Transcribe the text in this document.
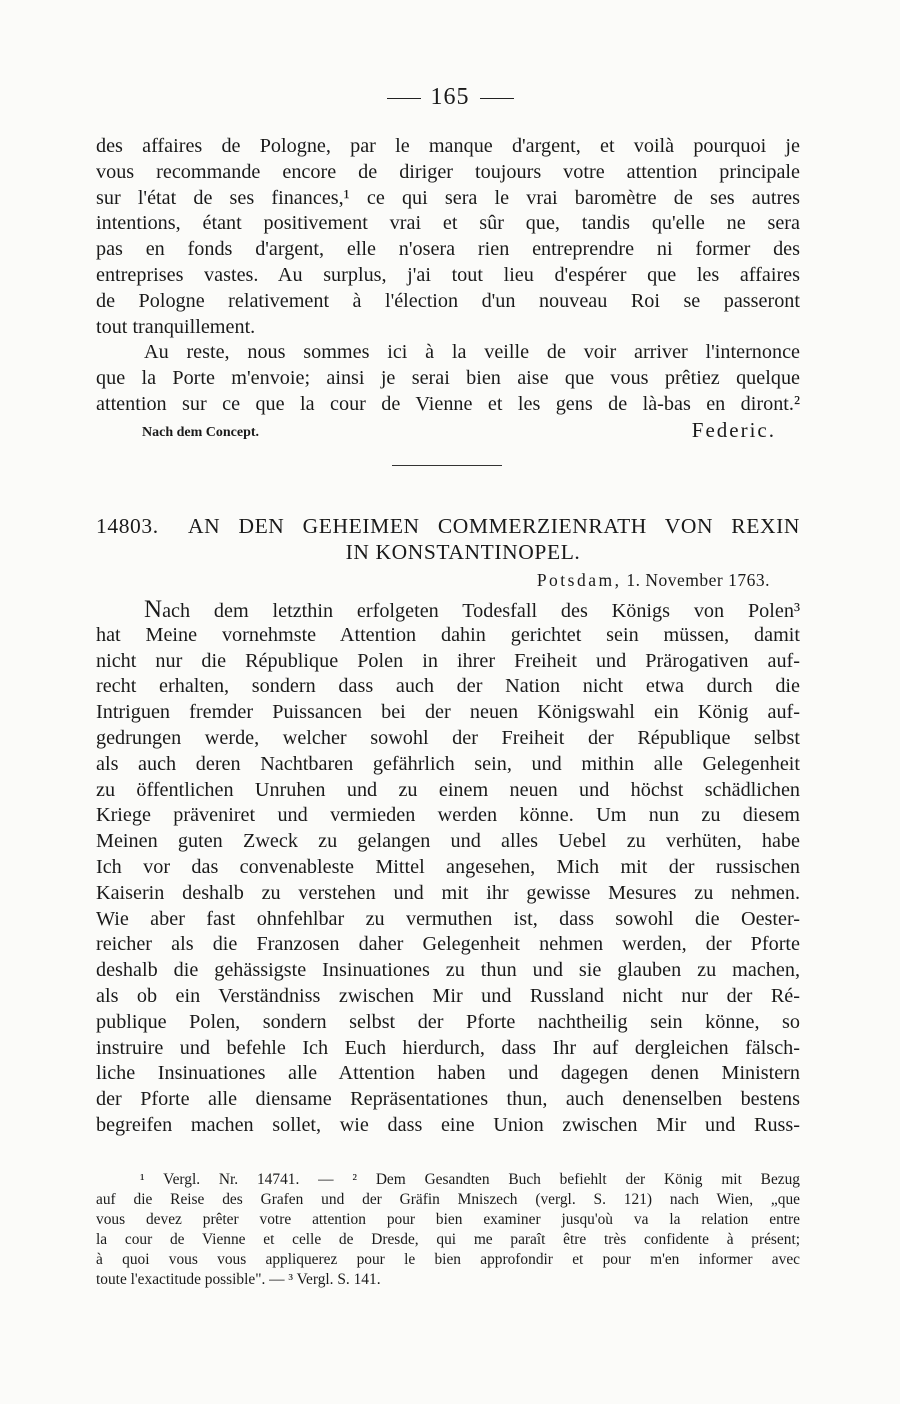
165
des affaires de Pologne, par le manque d'argent, et voilà pourquoi je
vous recommande encore de diriger toujours votre attention principale
sur l'état de ses finances,¹ ce qui sera le vrai baromètre de ses autres
intentions, étant positivement vrai et sûr que, tandis qu'elle ne sera
pas en fonds d'argent, elle n'osera rien entreprendre ni former des
entreprises vastes. Au surplus, j'ai tout lieu d'espérer que les affaires
de Pologne relativement à l'élection d'un nouveau Roi se passeront
tout tranquillement.
Au reste, nous sommes ici à la veille de voir arriver l'internonce
que la Porte m'envoie; ainsi je serai bien aise que vous prêtiez quelque
attention sur ce que la cour de Vienne et les gens de là-bas en diront.²
Nach dem Concept.	Federic.
14803. AN DEN GEHEIMEN COMMERZIENRATH VON REXIN
IN KONSTANTINOPEL.
Potsdam, 1. November 1763.
Nach dem letzthin erfolgeten Todesfall des Königs von Polen³
hat Meine vornehmste Attention dahin gerichtet sein müssen, damit
nicht nur die République Polen in ihrer Freiheit und Prärogativen auf-
recht erhalten, sondern dass auch der Nation nicht etwa durch die
Intriguen fremder Puissancen bei der neuen Königswahl ein König auf-
gedrungen werde, welcher sowohl der Freiheit der République selbst
als auch deren Nachtbaren gefährlich sein, und mithin alle Gelegenheit
zu öffentlichen Unruhen und zu einem neuen und höchst schädlichen
Kriege präveniret und vermieden werden könne. Um nun zu diesem
Meinen guten Zweck zu gelangen und alles Uebel zu verhüten, habe
Ich vor das convenableste Mittel angesehen, Mich mit der russischen
Kaiserin deshalb zu verstehen und mit ihr gewisse Mesures zu nehmen.
Wie aber fast ohnfehlbar zu vermuthen ist, dass sowohl die Oester-
reicher als die Franzosen daher Gelegenheit nehmen werden, der Pforte
deshalb die gehässigste Insinuationes zu thun und sie glauben zu machen,
als ob ein Verständniss zwischen Mir und Russland nicht nur der Ré-
publique Polen, sondern selbst der Pforte nachtheilig sein könne, so
instruire und befehle Ich Euch hierdurch, dass Ihr auf dergleichen fälsch-
liche Insinuationes alle Attention haben und dagegen denen Ministern
der Pforte alle diensame Repräsentationes thun, auch denenselben bestens
begreifen machen sollet, wie dass eine Union zwischen Mir und Russ-
¹ Vergl. Nr. 14741. — ² Dem Gesandten Buch befiehlt der König mit Bezug
auf die Reise des Grafen und der Gräfin Mniszech (vergl. S. 121) nach Wien, „que
vous devez prêter votre attention pour bien examiner jusqu'où va la relation entre
la cour de Vienne et celle de Dresde, qui me paraît être très confidente à présent;
à quoi vous vous appliquerez pour le bien approfondir et pour m'en informer avec
toute l'exactitude possible". — ³ Vergl. S. 141.
